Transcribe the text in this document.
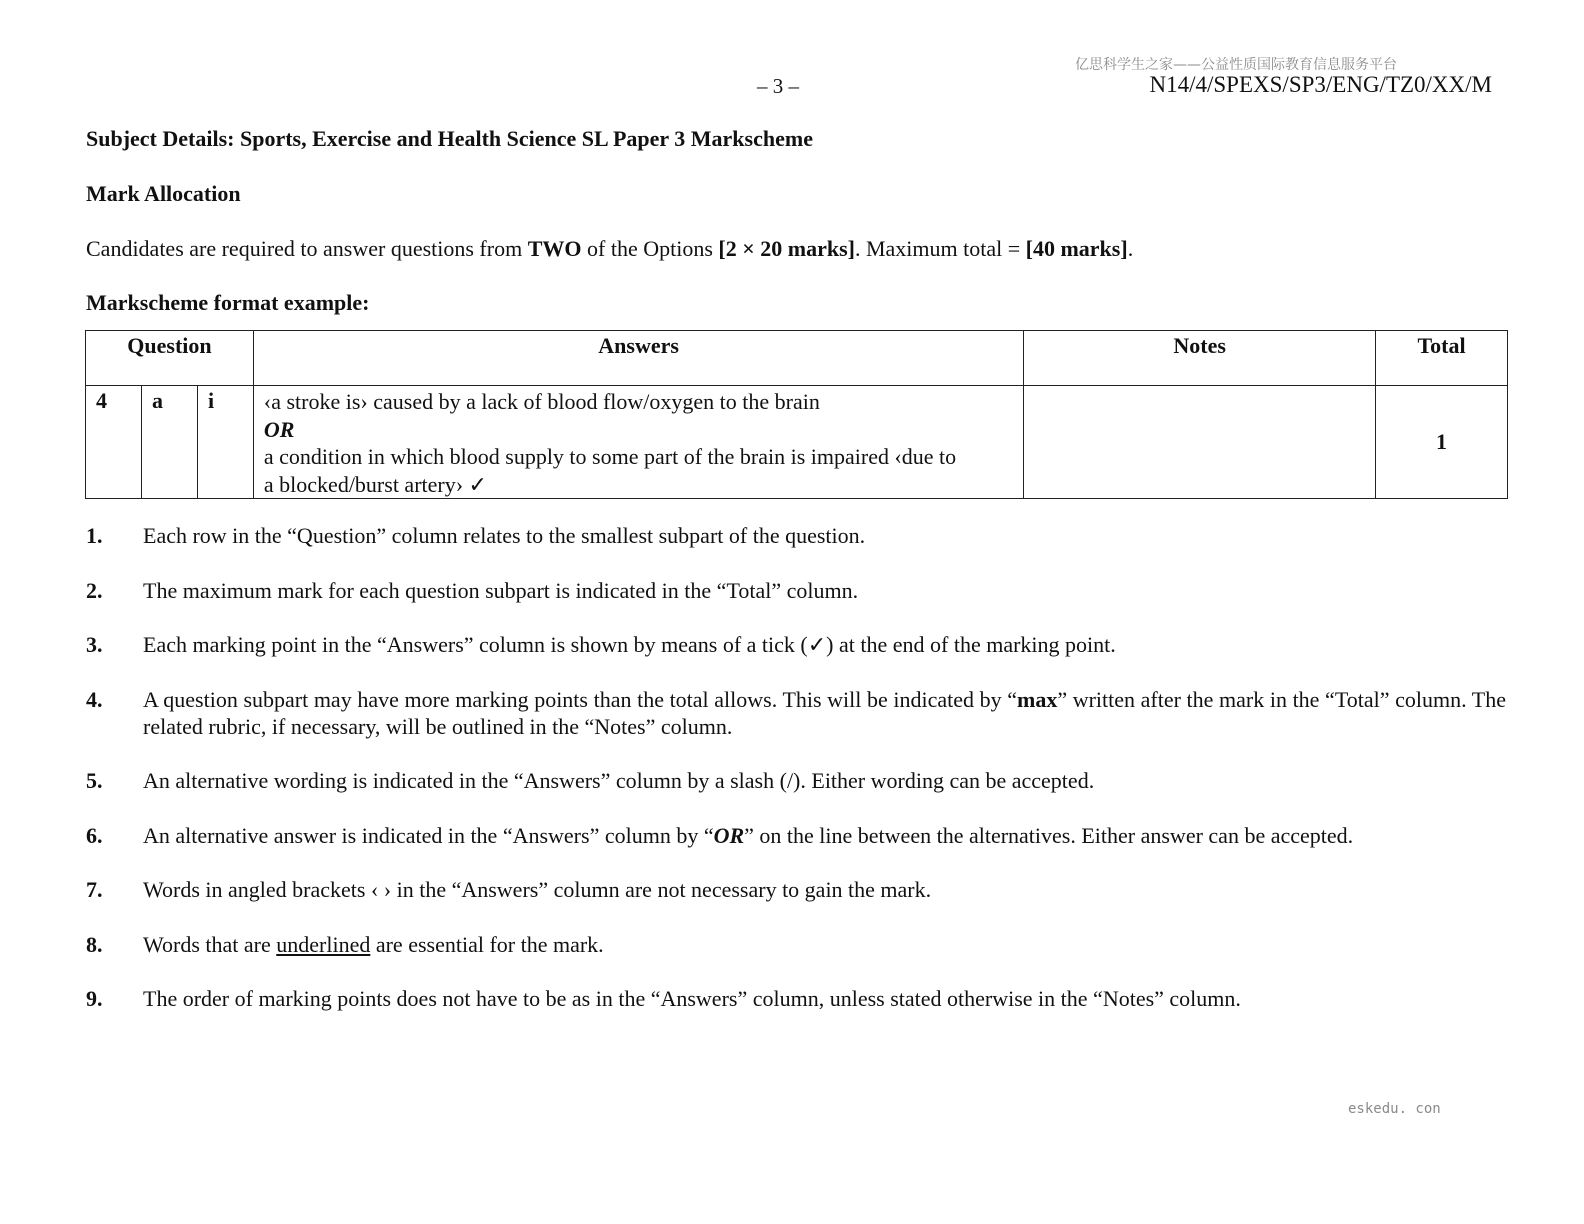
亿思科学生之家——公益性质国际教育信息服务平台
– 3 –	N14/4/SPEXS/SP3/ENG/TZ0/XX/M
Subject Details: Sports, Exercise and Health Science SL Paper 3 Markscheme
Mark Allocation
Candidates are required to answer questions from TWO of the Options [2 × 20 marks]. Maximum total = [40 marks].
Markscheme format example:
Question			Answers	Notes	Total
4	a	i	‹a stroke is› caused by a lack of blood flow/oxygen to the brain
OR
a condition in which blood supply to some part of the brain is impaired ‹due to
a blocked/burst artery› ✓		1
1. Each row in the “Question” column relates to the smallest subpart of the question.
2. The maximum mark for each question subpart is indicated in the “Total” column.
3. Each marking point in the “Answers” column is shown by means of a tick (✓) at the end of the marking point.
4. A question subpart may have more marking points than the total allows. This will be indicated by “max” written after the mark in the “Total” column. The related rubric, if necessary, will be outlined in the “Notes” column.
5. An alternative wording is indicated in the “Answers” column by a slash (/). Either wording can be accepted.
6. An alternative answer is indicated in the “Answers” column by “OR” on the line between the alternatives. Either answer can be accepted.
7. Words in angled brackets ‹ › in the “Answers” column are not necessary to gain the mark.
8. Words that are underlined are essential for the mark.
9. The order of marking points does not have to be as in the “Answers” column, unless stated otherwise in the “Notes” column.
eskedu. con
